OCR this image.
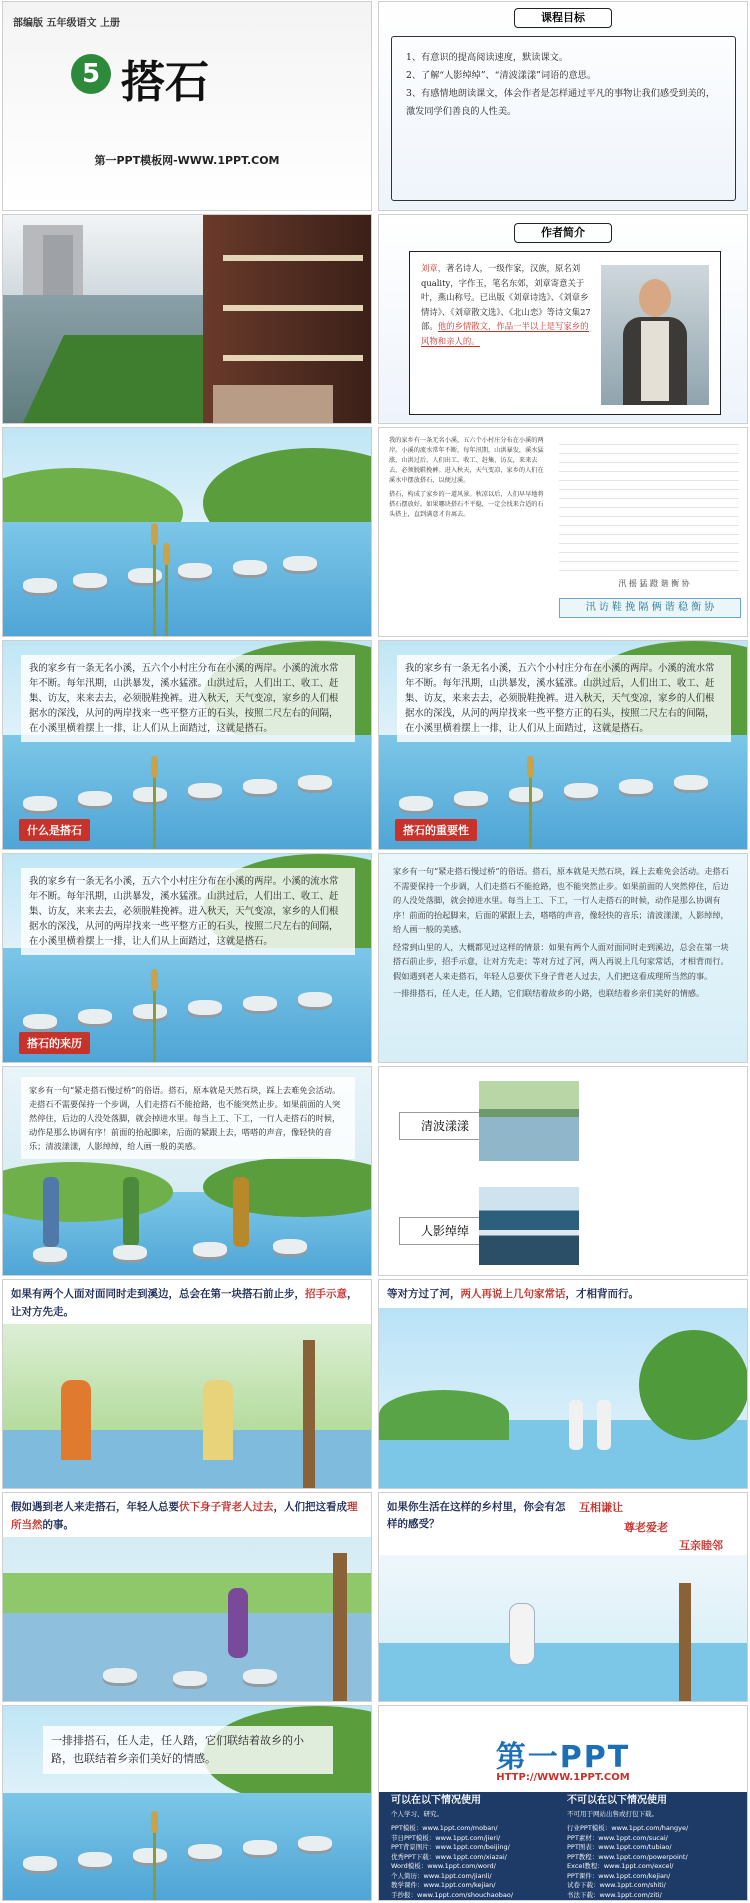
部编版 五年级语文 上册
5 搭石
第一PPT模板网-WWW.1PPT.COM
课程目标
1、有意识的提高阅读速度，默读课文。
2、了解“人影绰绰”、“清波漾漾”词语的意思。
3、有感情地朗读课文，体会作者是怎样通过平凡的事物让我们感受到美的，激发同学们善良的人性美。
作者简介
刘章，著名诗人，一级作家，汉族，原名刘quality，字作玉，笔名东郊，刘章寄意关于叶，燕山称号。已出版《刘章诗选》、《刘章乡情诗》、《刘章散文选》、《北山恋》等诗文集27部。他的乡情散文，作品一半以上是写家乡的风物和亲人的。
我的家乡有一条无名小溪，五六个小村庄分布在小溪的两岸。小溪的流水常年不断，每年汛期，山洪暴发，溪水猛涨，山洪过后，人们出工、收工、赶集、访友，来来去去，必须脱鞋挽裤。进入秋天，天气变凉，家乡的人们在溪水中摆放搭石，以便过溪。
搭石，构成了家乡的一道风景。秋凉以后，人们早早地将搭石摆放好。如果哪块搭石不平稳，一定会找来合适的石头搭上，直到满意才肯离去。
汛 摇 猛 蹬 谐 衡 协
汛 访 鞋 挽 隔 俩 谐 稳 衡 协
我的家乡有一条无名小溪，五六个小村庄分布在小溪的两岸。小溪的流水常年不断。每年汛期，山洪暴发，溪水猛涨。山洪过后，人们出工、收工、赶集、访友，来来去去，必须脱鞋挽裤。进入秋天，天气变凉，家乡的人们根据水的深浅，从河的两岸找来一些平整方正的石头，按照二尺左右的间隔，在小溪里横着摆上一排，让人们从上面踏过，这就是搭石。
什么是搭石
我的家乡有一条无名小溪，五六个小村庄分布在小溪的两岸。小溪的流水常年不断。每年汛期，山洪暴发，溪水猛涨。山洪过后，人们出工、收工、赶集、访友，来来去去，必须脱鞋挽裤。进入秋天，天气变凉，家乡的人们根据水的深浅，从河的两岸找来一些平整方正的石头，按照二尺左右的间隔，在小溪里横着摆上一排，让人们从上面踏过，这就是搭石。
搭石的重要性
我的家乡有一条无名小溪，五六个小村庄分布在小溪的两岸。小溪的流水常年不断。每年汛期，山洪暴发，溪水猛涨。山洪过后，人们出工、收工、赶集、访友，来来去去，必须脱鞋挽裤。进入秋天，天气变凉，家乡的人们根据水的深浅，从河的两岸找来一些平整方正的石头，按照二尺左右的间隔，在小溪里横着摆上一排，让人们从上面踏过，这就是搭石。
搭石的来历
家乡有一句“紧走搭石慢过桥”的俗语。搭石，原本就是天然石块，踩上去难免会活动。走搭石不需要保持一个步调，人们走搭石不能抢路，也不能突然止步。如果前面的人突然停住，后边的人没处落脚，就会掉进水里。每当上工、下工，一行人走搭石的时候，动作是那么协调有序！前面的抬起脚来，后面的紧跟上去，嗒嗒的声音，像轻快的音乐；清波漾漾，人影绰绰，给人画一般的美感。
经常到山里的人，大概都见过这样的情景：如果有两个人面对面同时走到溪边，总会在第一块搭石前止步，招手示意，让对方先走；等对方过了河，两人再说上几句家常话，才相背而行。假如遇到老人来走搭石，年轻人总要伏下身子背老人过去，人们把这看成理所当然的事。
一排排搭石，任人走，任人踏，它们联结着故乡的小路，也联结着乡亲们美好的情感。
家乡有一句“紧走搭石慢过桥”的俗语。搭石，原本就是天然石块，踩上去难免会活动。走搭石不需要保持一个步调，人们走搭石不能抢路，也不能突然止步。如果前面的人突然停住，后边的人没处落脚，就会掉进水里。每当上工、下工，一行人走搭石的时候，动作是那么协调有序！前面的抬起脚来，后面的紧跟上去，嗒嗒的声音，像轻快的音乐；清波漾漾，人影绰绰，给人画一般的美感。
清波漾漾
人影绰绰
如果有两个人面对面同时走到溪边，总会在第一块搭石前止步，招手示意，让对方先走。
等对方过了河，两人再说上几句家常话，才相背而行。
假如遇到老人来走搭石，年轻人总要伏下身子背老人过去，人们把这看成理所当然的事。
如果你生活在这样的乡村里，你会有怎样的感受？
互相谦让
尊老爱老
互亲睦邻
一排排搭石，任人走，任人踏，它们联结着故乡的小路，也联结着乡亲们美好的情感。	第一PPT
HTTP://WWW.1PPT.COM
可以在以下情况使用
个人学习、研究。
不可以在以下情况使用
不可用于网站出售或打包下载。
PPT模板：www.1ppt.com/moban/
节日PPT模板：www.1ppt.com/jieri/
PPT背景图片：www.1ppt.com/beijing/
优秀PPT下载：www.1ppt.com/xiazai/
Word模板：www.1ppt.com/word/
个人简历：www.1ppt.com/jianli/
教学课件：www.1ppt.com/kejian/
手抄报：www.1ppt.com/shouchaobao/
行业PPT模板：www.1ppt.com/hangye/
PPT素材：www.1ppt.com/sucai/
PPT图表：www.1ppt.com/tubiao/
PPT教程：www.1ppt.com/powerpoint/
Excel教程：www.1ppt.com/excel/
PPT课件：www.1ppt.com/kejian/
试卷下载：www.1ppt.com/shiti/
书法下载：www.1ppt.com/ziti/
